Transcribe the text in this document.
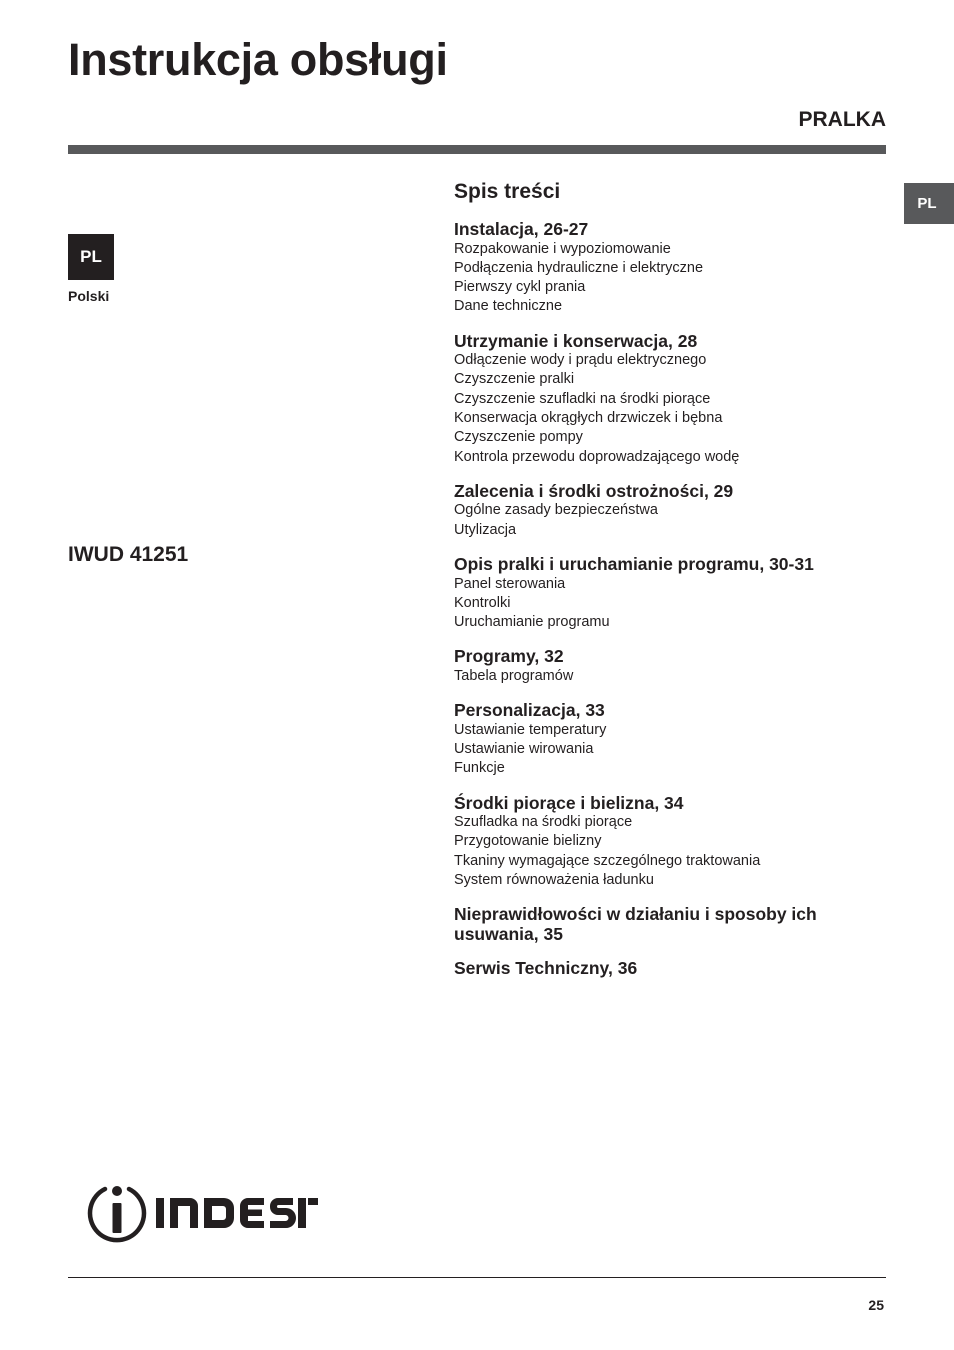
Instrukcja obsługi
PRALKA
PL
PL
Polski
IWUD 41251
Spis treści
Instalacja, 26-27
Rozpakowanie i wypoziomowanie
Podłączenia hydrauliczne i elektryczne
Pierwszy cykl prania
Dane techniczne
Utrzymanie i konserwacja, 28
Odłączenie wody i prądu elektrycznego
Czyszczenie pralki
Czyszczenie szufladki na środki piorące
Konserwacja okrągłych drzwiczek i bębna
Czyszczenie pompy
Kontrola przewodu doprowadzającego wodę
Zalecenia i środki ostrożności, 29
Ogólne zasady bezpieczeństwa
Utylizacja
Opis pralki i uruchamianie programu, 30-31
Panel sterowania
Kontrolki
Uruchamianie programu
Programy, 32
Tabela programów
Personalizacja, 33
Ustawianie temperatury
Ustawianie wirowania
Funkcje
Środki piorące i bielizna, 34
Szufladka na środki piorące
Przygotowanie bielizny
Tkaniny wymagające szczególnego traktowania
System równoważenia ładunku
Nieprawidłowości w działaniu i sposoby ich usuwania, 35
Serwis Techniczny, 36
25
